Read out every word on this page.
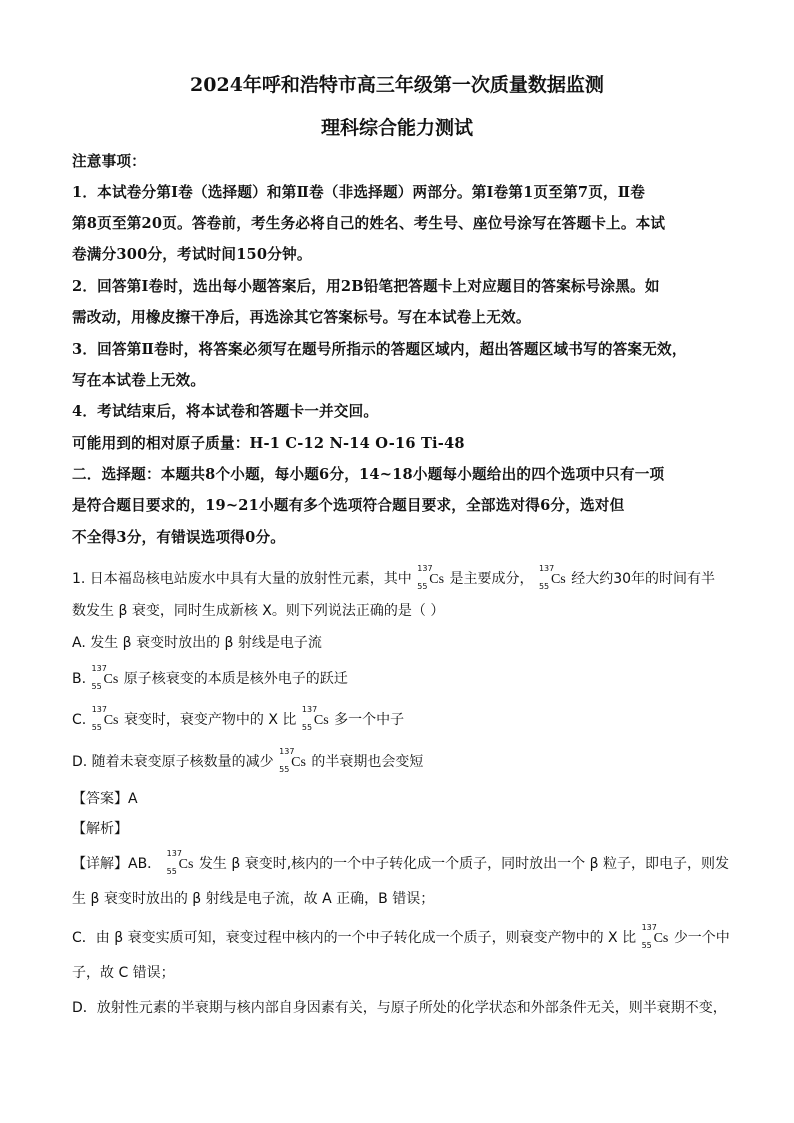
2024年呼和浩特市高三年级第一次质量数据监测
理科综合能力测试
注意事项：
1．本试卷分第Ⅰ卷（选择题）和第Ⅱ卷（非选择题）两部分。第Ⅰ卷第1页至第7页，Ⅱ卷
第8页至第20页。答卷前，考生务必将自己的姓名、考生号、座位号涂写在答题卡上。本试
卷满分300分，考试时间150分钟。
2．回答第Ⅰ卷时，选出每小题答案后，用2B铅笔把答题卡上对应题目的答案标号涂黑。如
需改动，用橡皮擦干净后，再选涂其它答案标号。写在本试卷上无效。
3．回答第Ⅱ卷时，将答案必须写在题号所指示的答题区域内，超出答题区域书写的答案无效，
写在本试卷上无效。
4．考试结束后，将本试卷和答题卡一并交回。
可能用到的相对原子质量：H-1 C-12 N-14 O-16 Ti-48
二．选择题：本题共8个小题，每小题6分，14~18小题每小题给出的四个选项中只有一项
是符合题目要求的，19~21小题有多个选项符合题目要求，全部选对得6分，选对但
不全得3分，有错误选项得0分。
1. 日本福岛核电站废水中具有大量的放射性元素，其中
137
55 Cs 是主要成分，
137
55 Cs 经大约30年的时间有半
数发生 β 衰变，同时生成新核 X。则下列说法正确的是（ ）
A. 发生 β 衰变时放出的 β 射线是电子流
B.
137
55 Cs 原子核衰变的本质是核外电子的跃迁
C.
137
55 Cs 衰变时，衰变产物中的 X 比
137
55 Cs 多一个中子
D. 随着未衰变原子核数量的减少
137
55 Cs 的半衰期也会变短
【答案】A
【解析】
【详解】AB．
137
55 Cs 发生 β 衰变时,核内的一个中子转化成一个质子，同时放出一个 β 粒子，即电子，则发
生 β 衰变时放出的 β 射线是电子流，故 A 正确，B 错误；
C．由 β 衰变实质可知，衰变过程中核内的一个中子转化成一个质子，则衰变产物中的 X 比
137
55 Cs 少一个中
子，故 C 错误；
D．放射性元素的半衰期与核内部自身因素有关，与原子所处的化学状态和外部条件无关，则半衰期不变，
